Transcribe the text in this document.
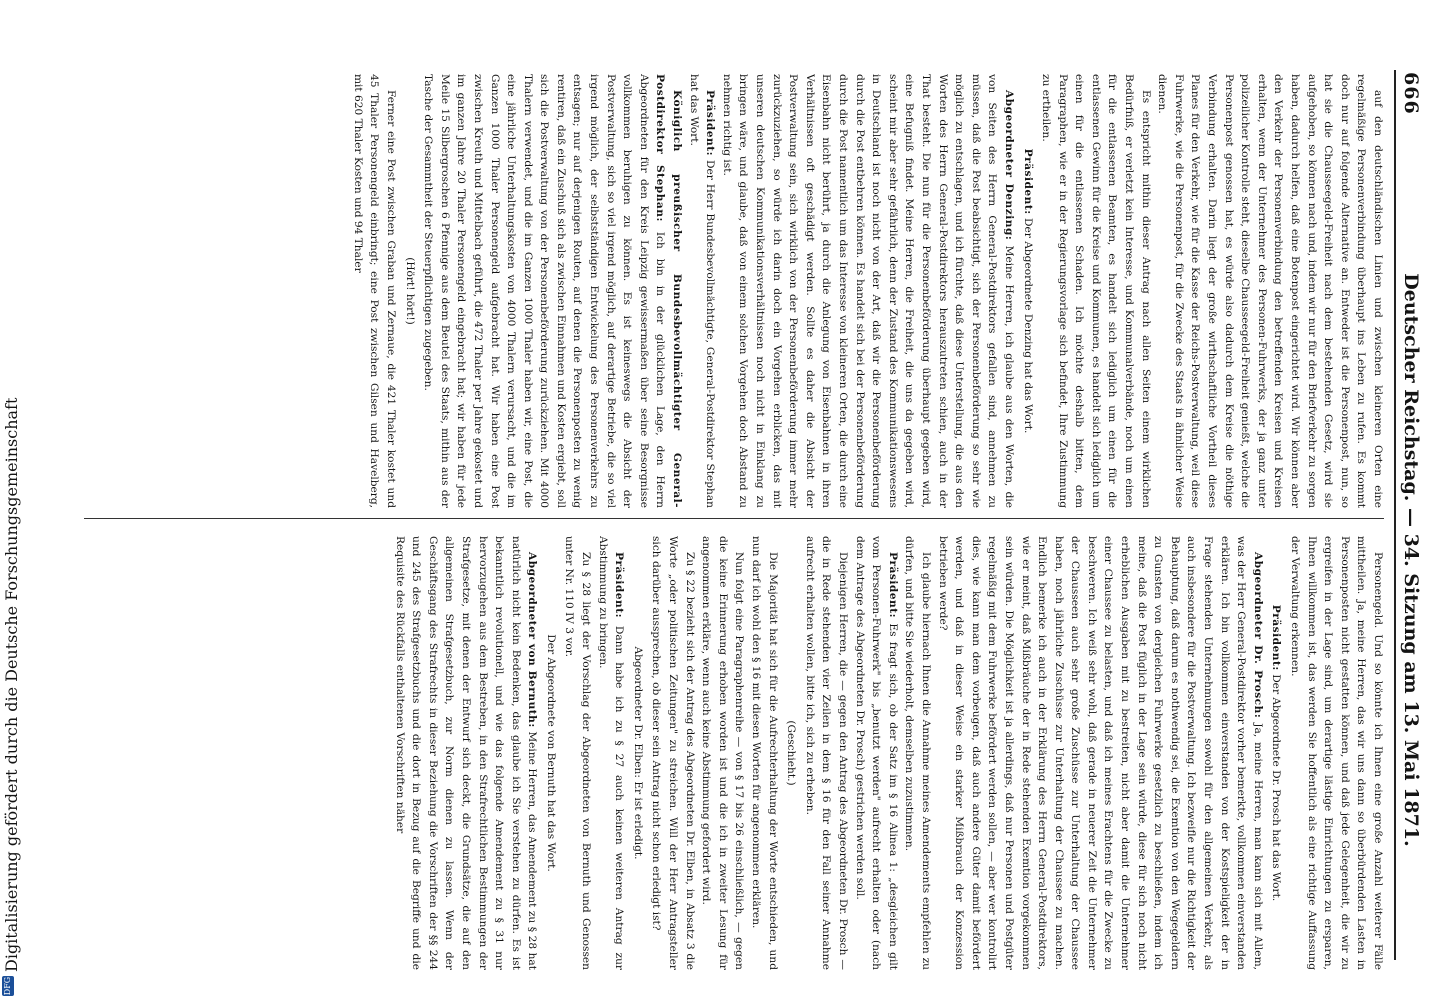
666
Deutscher Reichstag. — 34. Sitzung am 13. Mai 1871.

auf den deutschländischen Linien und zwischen kleineren Orten eine regelmäßige Personenverbindung überhaupt ins Leben zu rufen. Es kommt doch nur auf folgende Alternative an. Entweder ist die Personenpost, nun, so hat sie die Chausseegeld-Freiheit nach dem bestehenden Gesetz, wird sie aufgehoben, so können nach und, indem wir nur für den Briefverkehr zu sorgen haben, dadurch helfen, daß eine Botenpost eingerichtet wird. Wir können aber den Verkehr der Personenverbindung den betreffenden Kreisen und Kreisen erhalten, wenn der Unternehmer des Personen-Fuhrwerks, der ja ganz unter polizeilicher Kontrolle steht, dieselbe Chausseegeld-Freiheit genießt, welche die Personenpost genossen hat, es würde also dadurch dem Kreise die nöthige Verbindung erhalten. Darin liegt der große wirthschaftliche Vortheil dieses Planes für den Verkehr, wie für die Kasse der Reichs-Postverwaltung, weil diese Fuhrwerke, wie die Personenpost, für die Zwecke des Staats in ähnlicher Weise dienen.

Es entspricht mithin dieser Antrag nach allen Seiten einem wirklichen Bedürfniß, er verletzt kein Interesse, und Kommunalverbände, noch um einen für die entlassenen Beamten, es handelt sich lediglich um einen für die entlassenen Gewinn für die Kreise und Kommunen, es handelt sich lediglich um einen für die entlassenen Schaden. Ich möchte deshalb bitten, dem Paragraphen, wie er in der Regierungsvorlage sich befindet, Ihre Zustimmung zu ertheilen.

Präsident: Der Abgeordnete Denzing hat das Wort.

Abgeordneter Denzing: Meine Herren, ich glaube aus den Worten, die von Seiten des Herrn General-Postdirektors gefallen sind, annehmen zu müssen, daß die Post beabsichtigt, sich der Personenbeförderung so sehr wie möglich zu entschlagen, und ich fürchte, daß diese Unterstellung, die aus den Worten des Herrn General-Postdirektors herauszutreten schien, auch in der That besteht. Die nun für die Personenbeförderung überhaupt gegeben wird, eine Befugniß findet. Meine Herren, die Freiheit, die uns da gegeben wird, scheint mir aber sehr gefährlich, denn der Zustand des Kommunikationswesens in Deutschland ist noch nicht von der Art, daß wir die Personenbeförderung durch die Post entbehren können. Es handelt sich bei der Personenbeförderung durch die Post namentlich um das Interesse von kleineren Orten, die durch eine Eisenbahn nicht berührt, ja durch die Anlegung von Eisenbahnen in ihren Verhältnissen oft geschädigt werden. Sollte es daher die Absicht der Postverwaltung sein, sich wirklich von der Personenbeförderung immer mehr zurückzuziehen, so würde ich darin doch ein Vorgehen erblicken, das mit unseren deutschen Kommunikationsverhältnissen noch nicht in Einklang zu bringen wäre, und glaube, daß von einem solchen Vorgehen doch Abstand zu nehmen richtig ist.

Präsident: Der Herr Bundesbevollmächtigte, General-Postdirektor Stephan hat das Wort.

Königlich preußischer Bundesbevollmächtigter General-Postdirektor Stephan: Ich bin in der glücklichen Lage, den Herrn Abgeordneten für den Kreis Leipzig gewissermaßen über seine Besorgnisse vollkommen beruhigen zu können. Es ist keineswegs die Absicht der Postverwaltung, sich so viel irgend möglich, auf derartige Betriebe, die so viel irgend möglich, der selbstständigen Entwickelung des Personenverkehrs zu entsagen; nur auf derjenigen Routen, auf denen die Personenposten zu wenig rentiren, daß ein Zuschuß sich als zwischen Einnahmen und Kosten ergiebt, soll sich die Postverwaltung von der Personenbeförderung zurückziehen. Mit 4000 Thalern verwendet, und die im Ganzen 1000 Thaler haben wir, eine Post, die eine jährliche Unterhaltungskosten von 4000 Thalern verursacht, und die im Ganzen 1000 Thaler Personengeld aufgebracht hat. Wir haben eine Post zwischen Kreuth und Mittelbach geführt, die 472 Thaler per Jahre gekostet und im ganzen Jahre 20 Thaler Personengeld eingebracht hat; wir haben für jede Meile 15 Silbergroschen 6 Pfennige aus dem Beutel des Staats, mithin aus der Tasche der Gesammtheit der Steuerpflichtigen zugegeben.

(Hört! hört!)

Ferner eine Post zwischen Graban und Zernaue, die 421 Thaler kostet und 45 Thaler Personengeld einbringt; eine Post zwischen Gilsen und Havelberg, mit 620 Thaler Kosten und 94 Thaler

Personengeld. Und so könnte ich Ihnen eine große Anzahl weiterer Fälle mittheilen. Ja, meine Herren, das wir uns dann so überbürdenden Lasten in Personenposten nicht gestatten können, und daß jede Gelegenheit, die wir zu ergreifen in der Lage sind, um derartige lästige Einrichtungen zu ersparen, Ihnen willkommen ist, das werden Sie hoffentlich als eine richtige Auffassung der Verwaltung erkennen.

Präsident: Der Abgeordnete Dr. Prosch hat das Wort.

Abgeordneter Dr. Prosch: Ja, meine Herren, man kann sich mit Allem, was der Herr General-Postdirektor vorher bemerkte, vollkommen einverstanden erklären. Ich bin vollkommen einverstanden von der Kostspieligkeit der in Frage stehenden Unternehmungen sowohl für den allgemeinen Verkehr, als auch insbesondere für die Postverwaltung. Ich bezweifle nur die Richtigkeit der Behauptung, daß darum es nothwendig sei, die Exemtion von den Wegegeldern zu Gunsten von dergleichen Fuhrwerke gesetzlich zu beschließen, indem ich meine, daß die Post füglich in der Lage sein würde, diese für sich noch nicht erheblichen Ausgaben mit zu bestreiten, nicht aber damit die Unternehmer einer Chaussee zu belasten, und daß ich meines Erachtens für die Zwecke zu beschweren. Ich weiß sehr wohl, daß gerade in neuerer Zeit die Unternehmer der Chausseen auch sehr große Zuschüsse zur Unterhaltung der Chaussee haben, noch jährliche Zuschüsse zur Unterhaltung der Chaussee zu machen. Endlich bemerke ich auch in der Erklärung des Herrn General-Postdirektors, wie er meint, daß Mißbräuche der in Rede stehenden Exemtion vorgekommen sein würden. Die Möglichkeit ist ja allerdings, daß nur Personen und Postgüter regelmäßig mit dem Fuhrwerke befördert werden sollen, — aber wer kontrolirt dies, wie kann man dem vorbeugen, daß auch andere Güter damit befördert werden, und daß in dieser Weise ein starker Mißbrauch der Konzession betrieben werde?

Ich glaube hiernach Ihnen die Annahme meines Amendements empfehlen zu dürfen, und bitte Sie wiederholt, demselben zuzustimmen.

Präsident: Es fragt sich, ob der Satz im § 16 Alinea 1: „desgleichen gilt vom Personen-Fuhrwerk" bis „benutzt werden" aufrecht erhalten oder (nach dem Antrage des Abgeordneten Dr. Prosch) gestrichen werden soll.

Diejenigen Herren, die — gegen den Antrag des Abgeordneten Dr. Prosch — die in Rede stehenden vier Zeilen in dem § 16 für den Fall seiner Annahme aufrecht erhalten wollen, bitte ich, sich zu erheben.

(Geschieht.)

Die Majorität hat sich für die Aufrechterhaltung der Worte entschieden, und nun darf ich wohl den § 16 mit diesen Worten für angenommen erklären.

Nun folgt eine Paragraphenreihe — von § 17 bis 26 einschließlich, — gegen die keine Erinnerung erhoben worden ist und die ich in zweiter Lesung für angenommen erkläre, wenn auch keine Abstimmung gefordert wird.

Zu § 22 bezieht sich der Antrag des Abgeordneten Dr. Elben, in Absatz 3 die Worte „oder politischen Zeitungen" zu streichen. Will der Herr Antragsteller sich darüber aussprechen, ob dieser sein Antrag nicht schon erledigt ist?

Abgeordneter Dr. Elben: Er ist erledigt.

Präsident: Dann habe ich zu § 27 auch keinen weiteren Antrag zur Abstimmung zu bringen.

Zu § 28 liegt der Vorschlag der Abgeordneten von Bernuth und Genossen unter Nr. 110 IV 3 vor.

Der Abgeordnete von Bernuth hat das Wort.

Abgeordneter von Bernuth: Meine Herren, das Amendement zu § 28 hat natürlich nicht kein Bedenken, das glaube ich Sie verstehen zu dürfen. Es ist bekanntlich revolutionell, und wie das folgende Amendement zu § 31 nur hervorzugehen aus dem Bestreben, in den Strafrechtlichen Bestimmungen der Strafgesetze, mit denen der Entwurf sich deckt, die Grundsätze, die auf den allgemeinen Strafgesetzbuch, zur Norm dienen zu lassen. Wenn der Geschäftsgang des Strafrechts in dieser Beziehung die Vorschriften der §§ 244 und 245 des Strafgesetzbuchs und die dort in Bezug auf die Begriffe und die Requisite des Rückfalls enthaltenen Vorschriften näher

DFG
Digitalisierung gefördert durch die Deutsche Forschungsgemeinschaft
